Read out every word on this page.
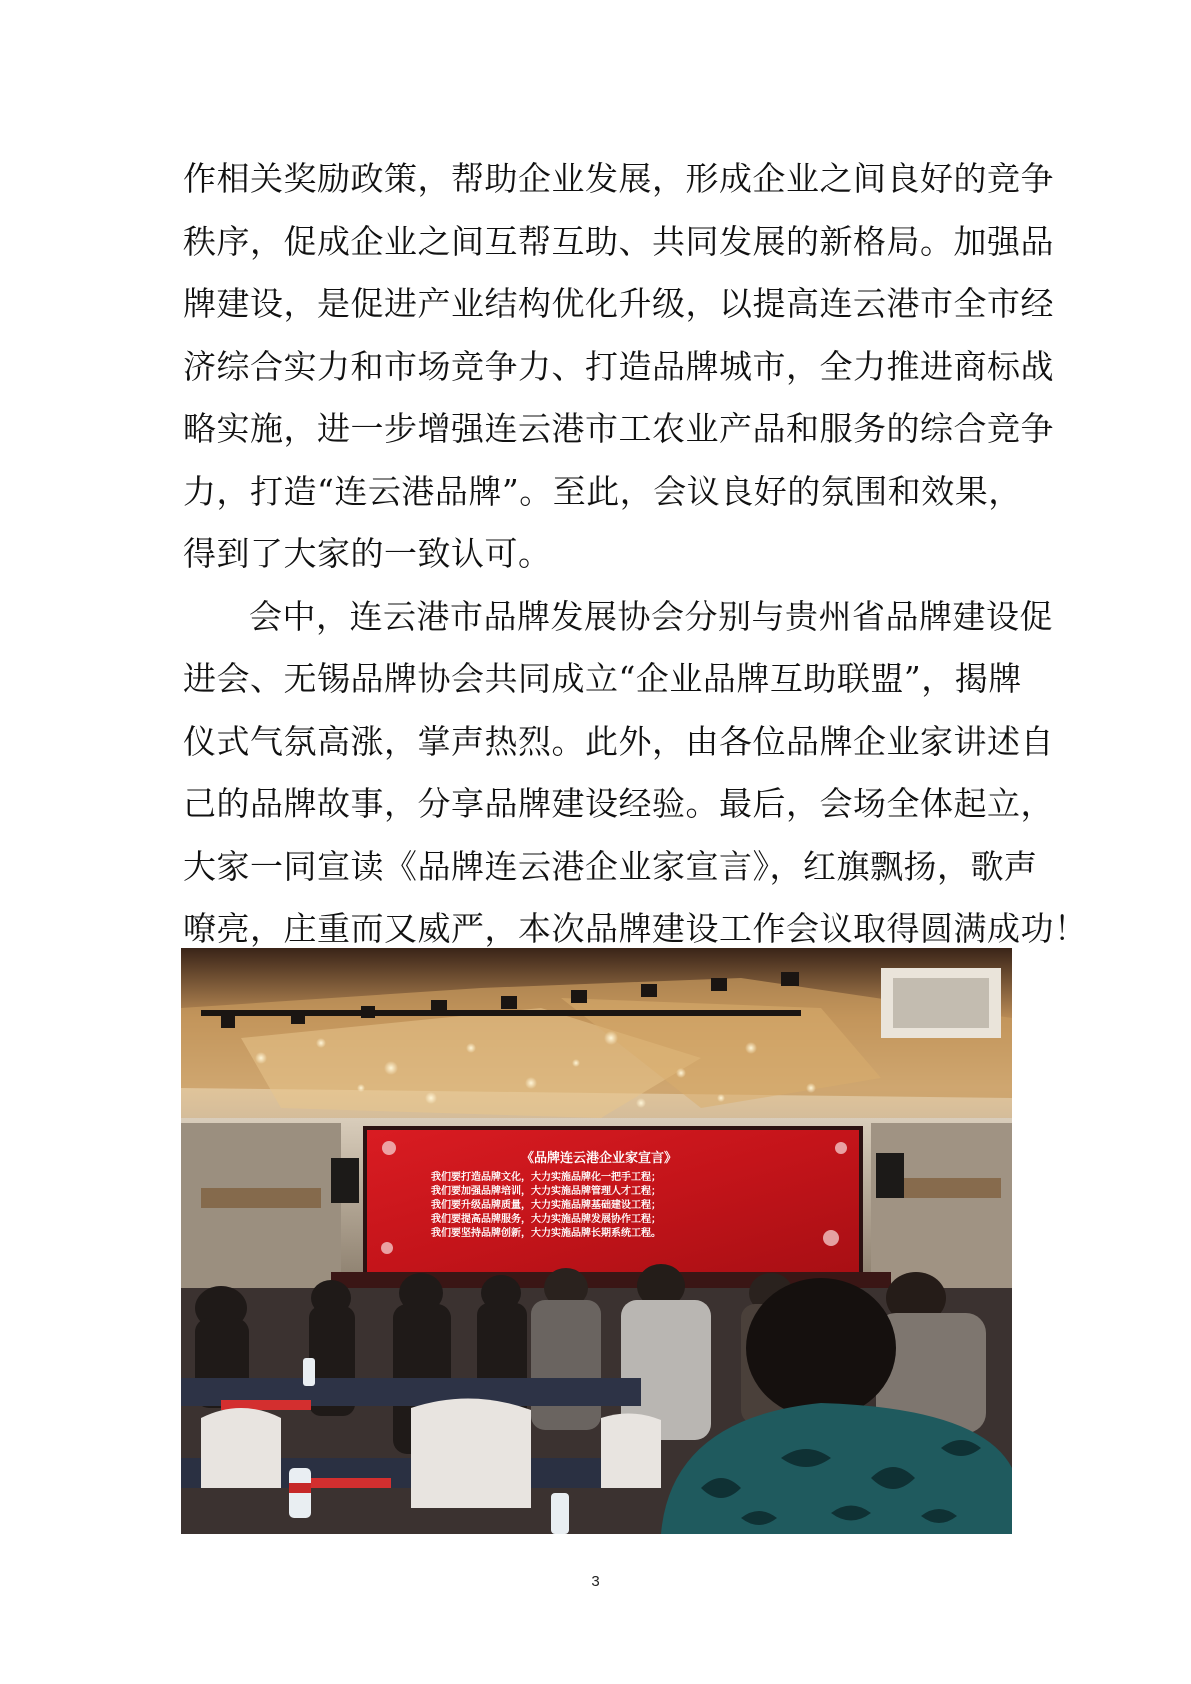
作相关奖励政策，帮助企业发展，形成企业之间良好的竞争
秩序，促成企业之间互帮互助、共同发展的新格局。加强品
牌建设，是促进产业结构优化升级，以提高连云港市全市经
济综合实力和市场竞争力、打造品牌城市，全力推进商标战
略实施，进一步增强连云港市工农业产品和服务的综合竞争
力，打造“连云港品牌”。至此，会议良好的氛围和效果，
得到了大家的一致认可。
会中，连云港市品牌发展协会分别与贵州省品牌建设促
进会、无锡品牌协会共同成立“企业品牌互助联盟”，揭牌
仪式气氛高涨，掌声热烈。此外，由各位品牌企业家讲述自
己的品牌故事，分享品牌建设经验。最后，会场全体起立，
大家一同宣读《品牌连云港企业家宣言》，红旗飘扬，歌声
嘹亮，庄重而又威严，本次品牌建设工作会议取得圆满成功！
《品牌连云港企业家宣言》
我们要打造品牌文化，大力实施品牌化一把手工程；
我们要加强品牌培训，大力实施品牌管理人才工程；
我们要升级品牌质量，大力实施品牌基础建设工程；
我们要提高品牌服务，大力实施品牌发展协作工程；
我们要坚持品牌创新，大力实施品牌长期系统工程。
3
